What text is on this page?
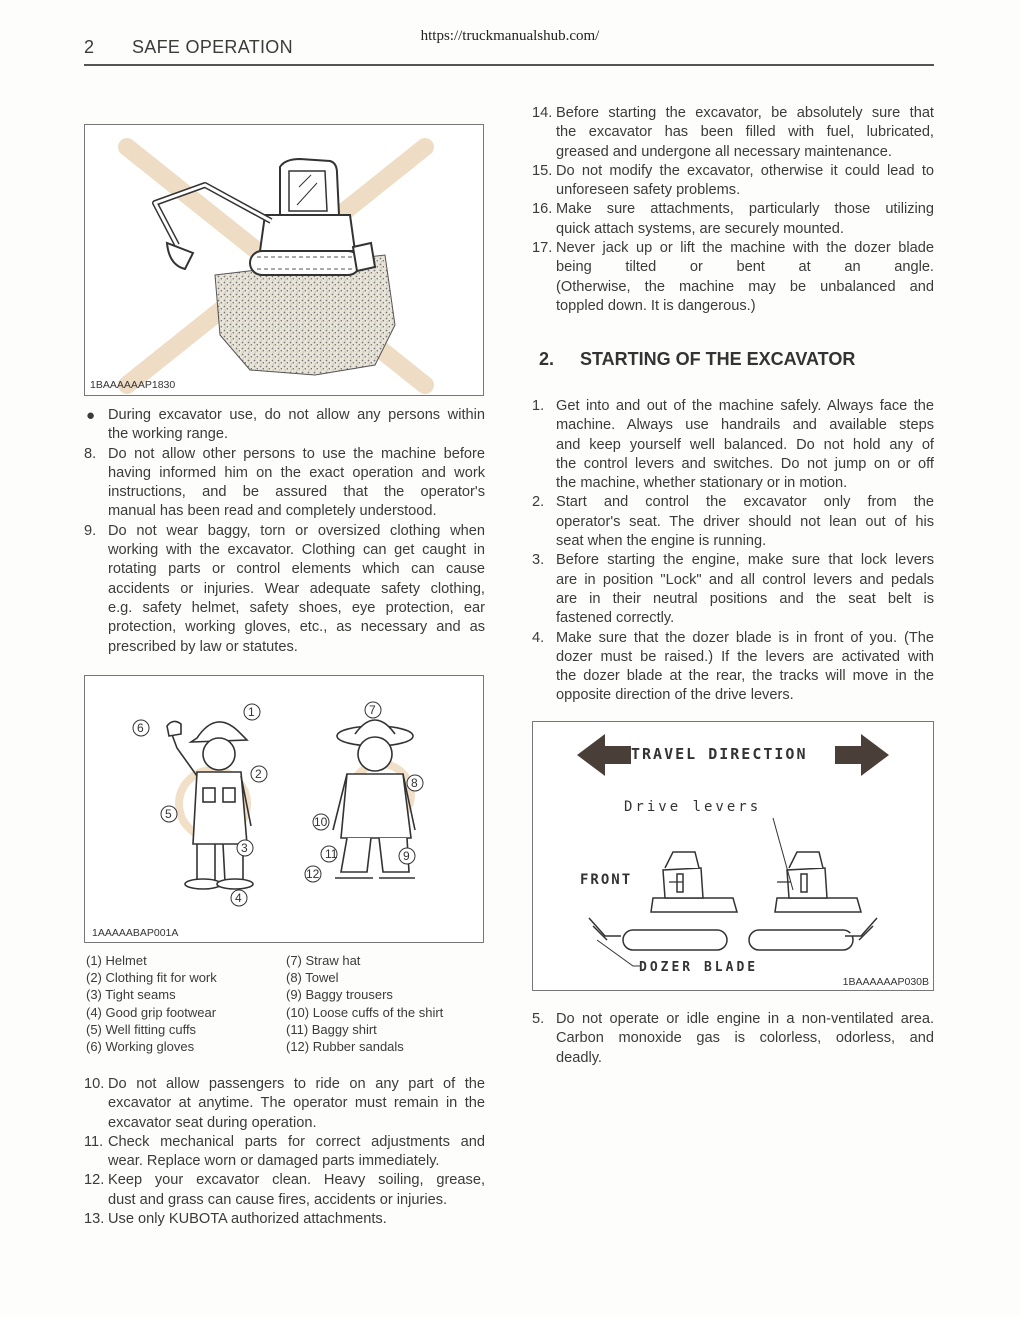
https://truckmanualshub.com/
2 SAFE OPERATION
1BAAAAAAP1830
● During excavator use, do not allow any persons within
the working range.
8. Do not allow other persons to use the machine before
having informed him on the exact operation and work
instructions, and be assured that the operator's
manual has been read and completely understood.
9. Do not wear baggy, torn or oversized clothing when
working with the excavator. Clothing can get caught in
rotating parts or control elements which can cause
accidents or injuries. Wear adequate safety clothing,
e.g. safety helmet, safety shoes, eye protection, ear
protection, working gloves, etc., as necessary and as
prescribed by law or statutes.
1
6
2
5
3
4
7
8
9
10
11
12
1AAAAABAP001A
(1) Helmet
(2) Clothing fit for work
(3) Tight seams
(4) Good grip footwear
(5) Well fitting cuffs
(6) Working gloves
(7) Straw hat
(8) Towel
(9) Baggy trousers
(10) Loose cuffs of the shirt
(11) Baggy shirt
(12) Rubber sandals
10. Do not allow passengers to ride on any part of the
excavator at anytime. The operator must remain in the
excavator seat during operation.
11. Check mechanical parts for correct adjustments and
wear. Replace worn or damaged parts immediately.
12. Keep your excavator clean. Heavy soiling, grease,
dust and grass can cause fires, accidents or injuries.
13. Use only KUBOTA authorized attachments.
14. Before starting the excavator, be absolutely sure that
the excavator has been filled with fuel, lubricated,
greased and undergone all necessary maintenance.
15. Do not modify the excavator, otherwise it could lead to
unforeseen safety problems.
16. Make sure attachments, particularly those utilizing
quick attach systems, are securely mounted.
17. Never jack up or lift the machine with the dozer blade
being tilted or bent at an angle.
(Otherwise, the machine may be unbalanced and
toppled down. It is dangerous.)
2. STARTING OF THE EXCAVATOR
1. Get into and out of the machine safely. Always face the
machine. Always use handrails and available steps
and keep yourself well balanced. Do not hold any of
the control levers and switches. Do not jump on or off
the machine, whether stationary or in motion.
2. Start and control the excavator only from the
operator's seat. The driver should not lean out of his
seat when the engine is running.
3. Before starting the engine, make sure that lock levers
are in position "Lock" and all control levers and pedals
are in their neutral positions and the seat belt is
fastened correctly.
4. Make sure that the dozer blade is in front of you. (The
dozer must be raised.) If the levers are activated with
the dozer blade at the rear, the tracks will move in the
opposite direction of the drive levers.
TRAVEL DIRECTION
Drive levers
FRONT
DOZER BLADE
1BAAAAAAP030B
5. Do not operate or idle engine in a non-ventilated area.
Carbon monoxide gas is colorless, odorless, and
deadly.
